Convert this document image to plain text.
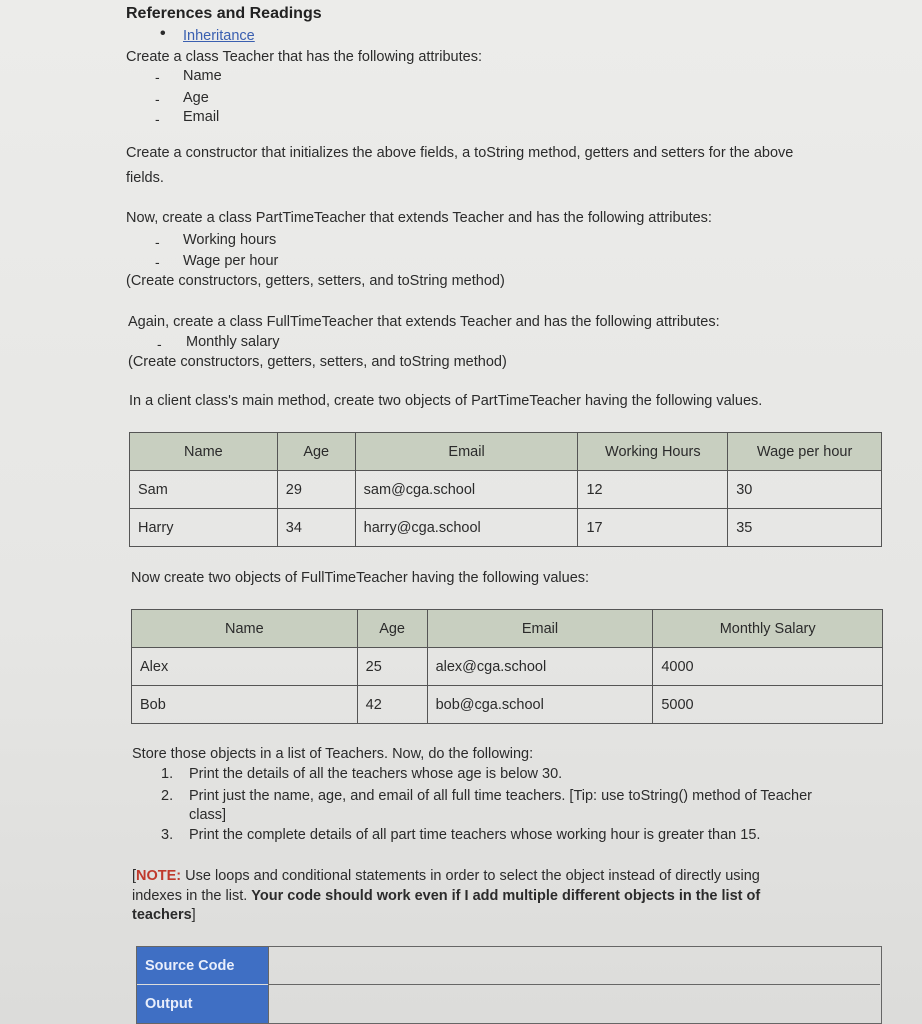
References and Readings
• Inheritance
Create a class Teacher that has the following attributes:
- Name
- Age
- Email
Create a constructor that initializes the above fields, a toString method, getters and setters for the above
fields.
Now, create a class PartTimeTeacher that extends Teacher and has the following attributes:
- Working hours
- Wage per hour
(Create constructors, getters, setters, and toString method)
Again, create a class FullTimeTeacher that extends Teacher and has the following attributes:
- Monthly salary
(Create constructors, getters, setters, and toString method)
In a client class's main method, create two objects of PartTimeTeacher having the following values.
Name	Age	Email	Working Hours	Wage per hour
Sam	29	sam@cga.school	12	30
Harry	34	harry@cga.school	17	35
Now create two objects of FullTimeTeacher having the following values:
Name	Age	Email	Monthly Salary
Alex	25	alex@cga.school	4000
Bob	42	bob@cga.school	5000
Store those objects in a list of Teachers. Now, do the following:
1. Print the details of all the teachers whose age is below 30.
2. Print just the name, age, and email of all full time teachers. [Tip: use toString() method of Teacher
class]
3. Print the complete details of all part time teachers whose working hour is greater than 15.
[NOTE: Use loops and conditional statements in order to select the object instead of directly using
indexes in the list. Your code should work even if I add multiple different objects in the list of
teachers]
Source Code
Output
